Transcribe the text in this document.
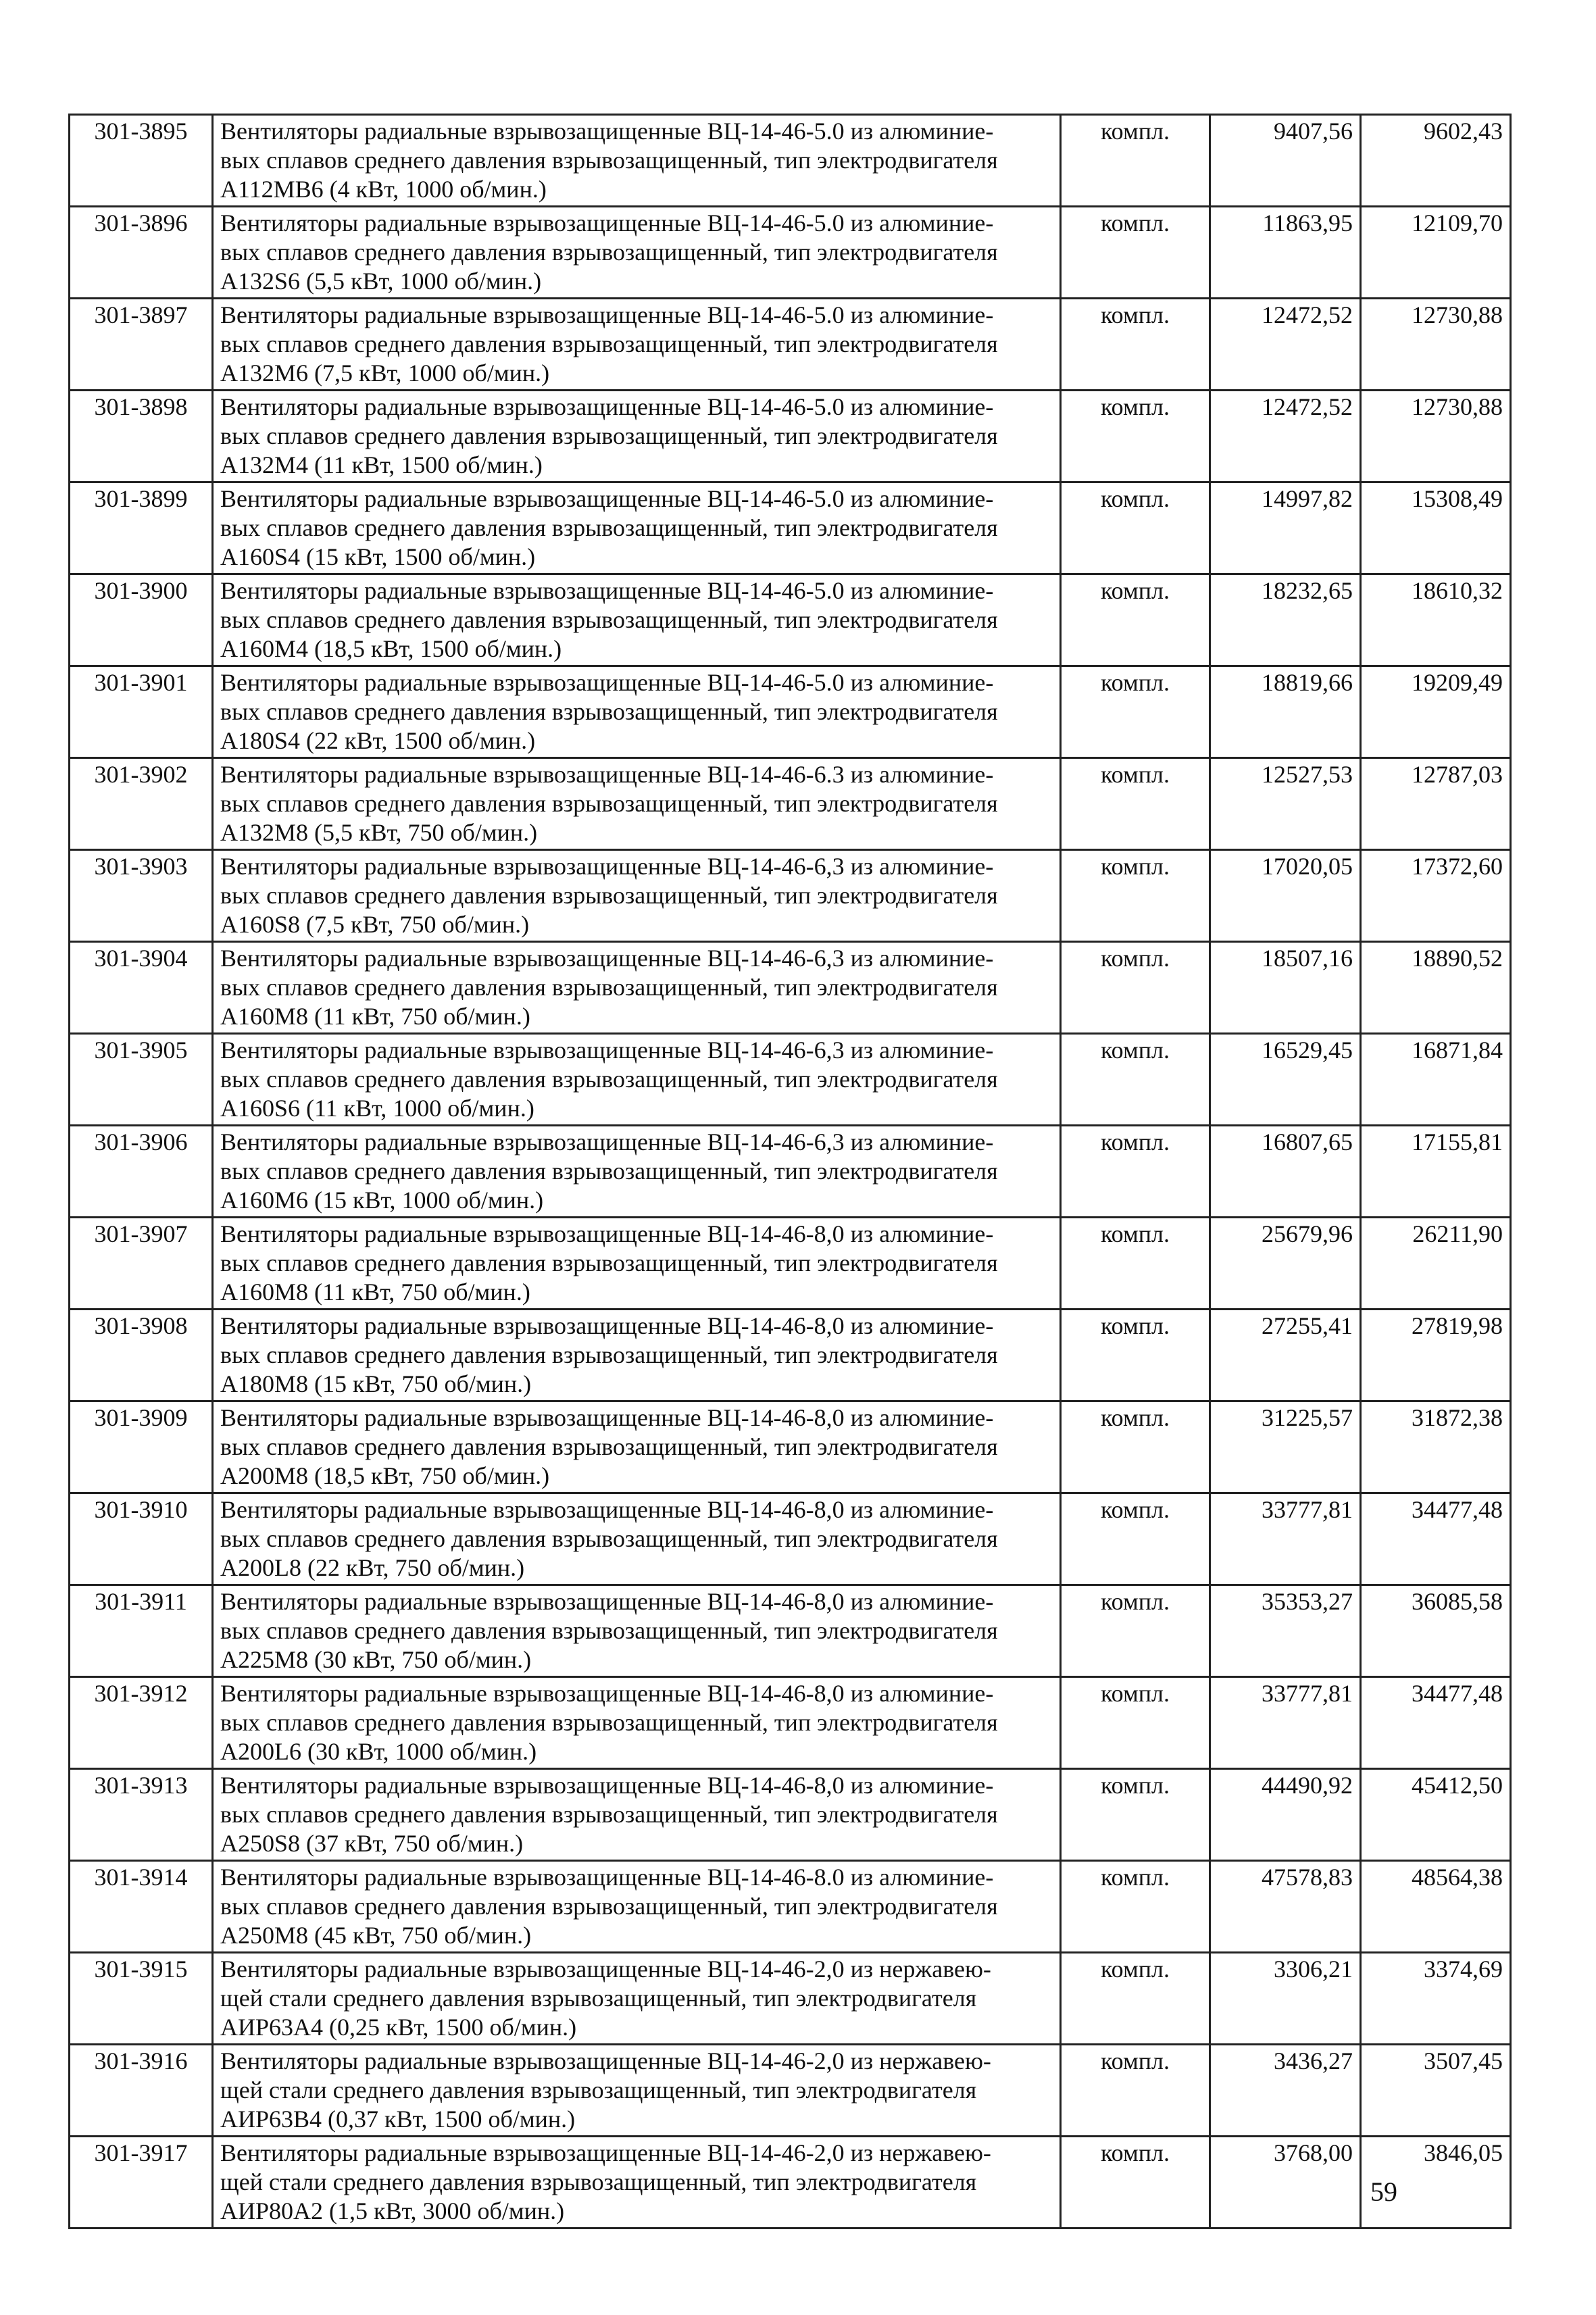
301-3895	Вентиляторы радиальные взрывозащищенные ВЦ-14-46-5.0 из алюминие-
вых сплавов среднего давления взрывозащищенный, тип электродвигателя
А112МВ6 (4 кВт, 1000 об/мин.)	компл.	9407,56	9602,43
301-3896	Вентиляторы радиальные взрывозащищенные ВЦ-14-46-5.0 из алюминие-
вых сплавов среднего давления взрывозащищенный, тип электродвигателя
А132S6 (5,5 кВт, 1000 об/мин.)	компл.	11863,95	12109,70
301-3897	Вентиляторы радиальные взрывозащищенные ВЦ-14-46-5.0 из алюминие-
вых сплавов среднего давления взрывозащищенный, тип электродвигателя
А132М6 (7,5 кВт, 1000 об/мин.)	компл.	12472,52	12730,88
301-3898	Вентиляторы радиальные взрывозащищенные ВЦ-14-46-5.0 из алюминие-
вых сплавов среднего давления взрывозащищенный, тип электродвигателя
А132М4 (11 кВт, 1500 об/мин.)	компл.	12472,52	12730,88
301-3899	Вентиляторы радиальные взрывозащищенные ВЦ-14-46-5.0 из алюминие-
вых сплавов среднего давления взрывозащищенный, тип электродвигателя
А160S4 (15 кВт, 1500 об/мин.)	компл.	14997,82	15308,49
301-3900	Вентиляторы радиальные взрывозащищенные ВЦ-14-46-5.0 из алюминие-
вых сплавов среднего давления взрывозащищенный, тип электродвигателя
А160М4 (18,5 кВт, 1500 об/мин.)	компл.	18232,65	18610,32
301-3901	Вентиляторы радиальные взрывозащищенные ВЦ-14-46-5.0 из алюминие-
вых сплавов среднего давления взрывозащищенный, тип электродвигателя
А180S4 (22 кВт, 1500 об/мин.)	компл.	18819,66	19209,49
301-3902	Вентиляторы радиальные взрывозащищенные ВЦ-14-46-6.3 из алюминие-
вых сплавов среднего давления взрывозащищенный, тип электродвигателя
А132М8 (5,5 кВт, 750 об/мин.)	компл.	12527,53	12787,03
301-3903	Вентиляторы радиальные взрывозащищенные ВЦ-14-46-6,3 из алюминие-
вых сплавов среднего давления взрывозащищенный, тип электродвигателя
А160S8 (7,5 кВт, 750 об/мин.)	компл.	17020,05	17372,60
301-3904	Вентиляторы радиальные взрывозащищенные ВЦ-14-46-6,3 из алюминие-
вых сплавов среднего давления взрывозащищенный, тип электродвигателя
А160М8 (11 кВт, 750 об/мин.)	компл.	18507,16	18890,52
301-3905	Вентиляторы радиальные взрывозащищенные ВЦ-14-46-6,3 из алюминие-
вых сплавов среднего давления взрывозащищенный, тип электродвигателя
А160S6 (11 кВт, 1000 об/мин.)	компл.	16529,45	16871,84
301-3906	Вентиляторы радиальные взрывозащищенные ВЦ-14-46-6,3 из алюминие-
вых сплавов среднего давления взрывозащищенный, тип электродвигателя
А160М6 (15 кВт, 1000 об/мин.)	компл.	16807,65	17155,81
301-3907	Вентиляторы радиальные взрывозащищенные ВЦ-14-46-8,0 из алюминие-
вых сплавов среднего давления взрывозащищенный, тип электродвигателя
А160М8 (11 кВт, 750 об/мин.)	компл.	25679,96	26211,90
301-3908	Вентиляторы радиальные взрывозащищенные ВЦ-14-46-8,0 из алюминие-
вых сплавов среднего давления взрывозащищенный, тип электродвигателя
А180М8 (15 кВт, 750 об/мин.)	компл.	27255,41	27819,98
301-3909	Вентиляторы радиальные взрывозащищенные ВЦ-14-46-8,0 из алюминие-
вых сплавов среднего давления взрывозащищенный, тип электродвигателя
А200М8 (18,5 кВт, 750 об/мин.)	компл.	31225,57	31872,38
301-3910	Вентиляторы радиальные взрывозащищенные ВЦ-14-46-8,0 из алюминие-
вых сплавов среднего давления взрывозащищенный, тип электродвигателя
А200L8 (22 кВт, 750 об/мин.)	компл.	33777,81	34477,48
301-3911	Вентиляторы радиальные взрывозащищенные ВЦ-14-46-8,0 из алюминие-
вых сплавов среднего давления взрывозащищенный, тип электродвигателя
А225М8 (30 кВт, 750 об/мин.)	компл.	35353,27	36085,58
301-3912	Вентиляторы радиальные взрывозащищенные ВЦ-14-46-8,0 из алюминие-
вых сплавов среднего давления взрывозащищенный, тип электродвигателя
А200L6 (30 кВт, 1000 об/мин.)	компл.	33777,81	34477,48
301-3913	Вентиляторы радиальные взрывозащищенные ВЦ-14-46-8,0 из алюминие-
вых сплавов среднего давления взрывозащищенный, тип электродвигателя
А250S8 (37 кВт, 750 об/мин.)	компл.	44490,92	45412,50
301-3914	Вентиляторы радиальные взрывозащищенные ВЦ-14-46-8.0 из алюминие-
вых сплавов среднего давления взрывозащищенный, тип электродвигателя
А250М8 (45 кВт, 750 об/мин.)	компл.	47578,83	48564,38
301-3915	Вентиляторы радиальные взрывозащищенные ВЦ-14-46-2,0 из нержавею-
щей стали среднего давления взрывозащищенный, тип электродвигателя
АИР63А4 (0,25 кВт, 1500 об/мин.)	компл.	3306,21	3374,69
301-3916	Вентиляторы радиальные взрывозащищенные ВЦ-14-46-2,0 из нержавею-
щей стали среднего давления взрывозащищенный, тип электродвигателя
АИР63В4 (0,37 кВт, 1500 об/мин.)	компл.	3436,27	3507,45
301-3917	Вентиляторы радиальные взрывозащищенные ВЦ-14-46-2,0 из нержавею-
щей стали среднего давления взрывозащищенный, тип электродвигателя
АИР80А2 (1,5 кВт, 3000 об/мин.)	компл.	3768,00	3846,05
59
